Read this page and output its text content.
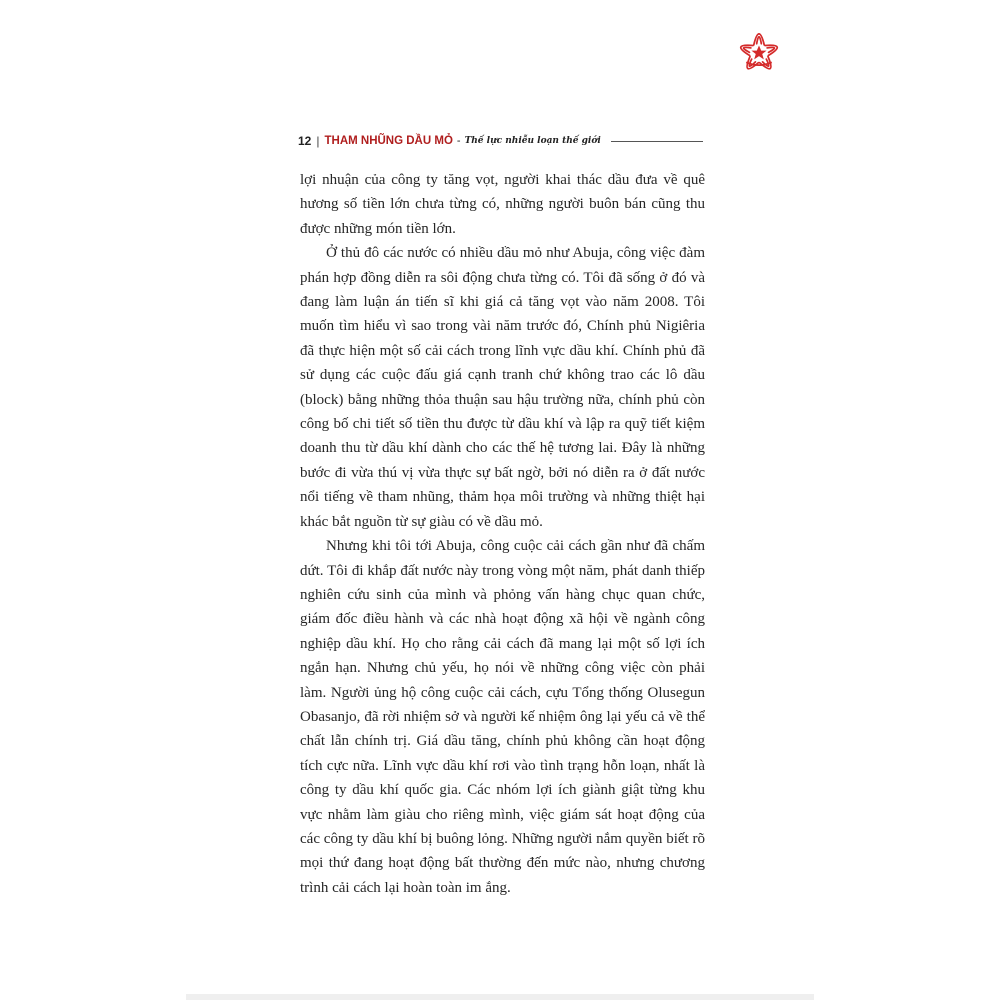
12 | THAM NHŨNG DẦU MỎ - Thế lực nhiễu loạn thế giới

lợi nhuận của công ty tăng vọt, người khai thác dầu đưa về quê hương số tiền lớn chưa từng có, những người buôn bán cũng thu được những món tiền lớn.

Ở thủ đô các nước có nhiều dầu mỏ như Abuja, công việc đàm phán hợp đồng diễn ra sôi động chưa từng có. Tôi đã sống ở đó và đang làm luận án tiến sĩ khi giá cả tăng vọt vào năm 2008. Tôi muốn tìm hiểu vì sao trong vài năm trước đó, Chính phủ Nigiêria đã thực hiện một số cải cách trong lĩnh vực dầu khí. Chính phủ đã sử dụng các cuộc đấu giá cạnh tranh chứ không trao các lô dầu (block) bằng những thỏa thuận sau hậu trường nữa, chính phủ còn công bố chi tiết số tiền thu được từ dầu khí và lập ra quỹ tiết kiệm doanh thu từ dầu khí dành cho các thế hệ tương lai. Đây là những bước đi vừa thú vị vừa thực sự bất ngờ, bởi nó diễn ra ở đất nước nổi tiếng về tham nhũng, thảm họa môi trường và những thiệt hại khác bắt nguồn từ sự giàu có về dầu mỏ.

Nhưng khi tôi tới Abuja, công cuộc cải cách gần như đã chấm dứt. Tôi đi khắp đất nước này trong vòng một năm, phát danh thiếp nghiên cứu sinh của mình và phỏng vấn hàng chục quan chức, giám đốc điều hành và các nhà hoạt động xã hội về ngành công nghiệp dầu khí. Họ cho rằng cải cách đã mang lại một số lợi ích ngắn hạn. Nhưng chủ yếu, họ nói về những công việc còn phải làm. Người ủng hộ công cuộc cải cách, cựu Tổng thống Olusegun Obasanjo, đã rời nhiệm sở và người kế nhiệm ông lại yếu cả về thể chất lẫn chính trị. Giá dầu tăng, chính phủ không cần hoạt động tích cực nữa. Lĩnh vực dầu khí rơi vào tình trạng hỗn loạn, nhất là công ty dầu khí quốc gia. Các nhóm lợi ích giành giật từng khu vực nhằm làm giàu cho riêng mình, việc giám sát hoạt động của các công ty dầu khí bị buông lỏng. Những người nắm quyền biết rõ mọi thứ đang hoạt động bất thường đến mức nào, nhưng chương trình cải cách lại hoàn toàn im ắng.
